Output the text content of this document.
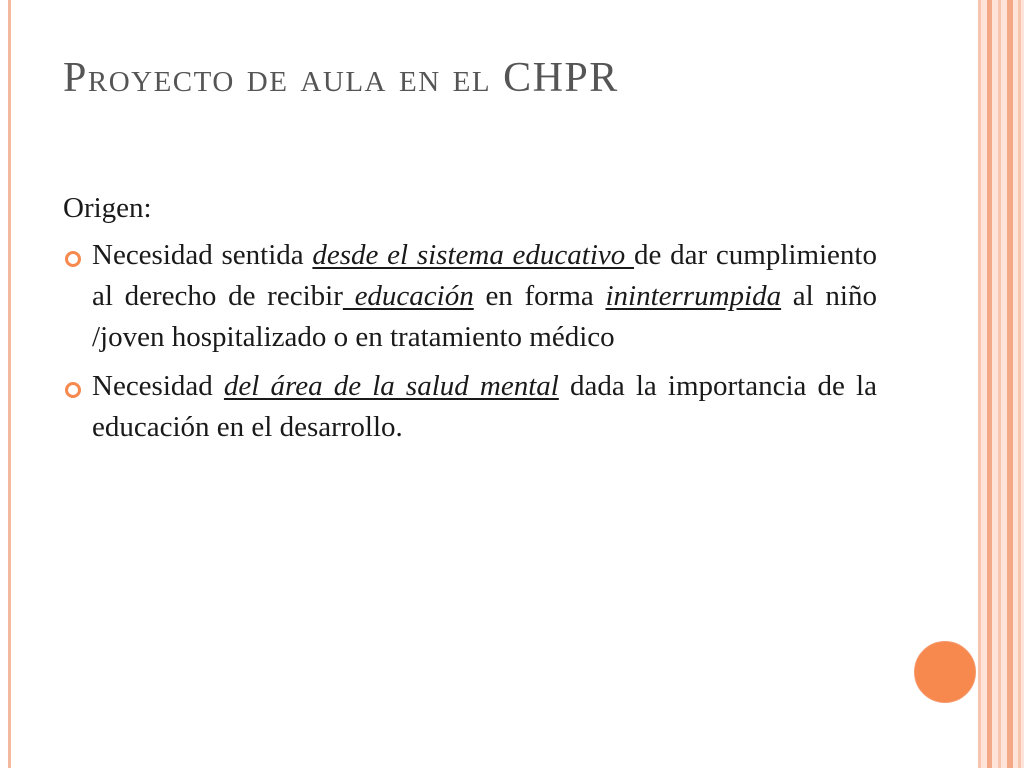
Proyecto de aula en el CHPR

Origen:

Necesidad sentida desde el sistema educativo de dar cumplimiento al derecho de recibir educación en forma ininterrumpida al niño /joven hospitalizado o en tratamiento médico
Necesidad del área de la salud mental dada la importancia de la educación en el desarrollo.
